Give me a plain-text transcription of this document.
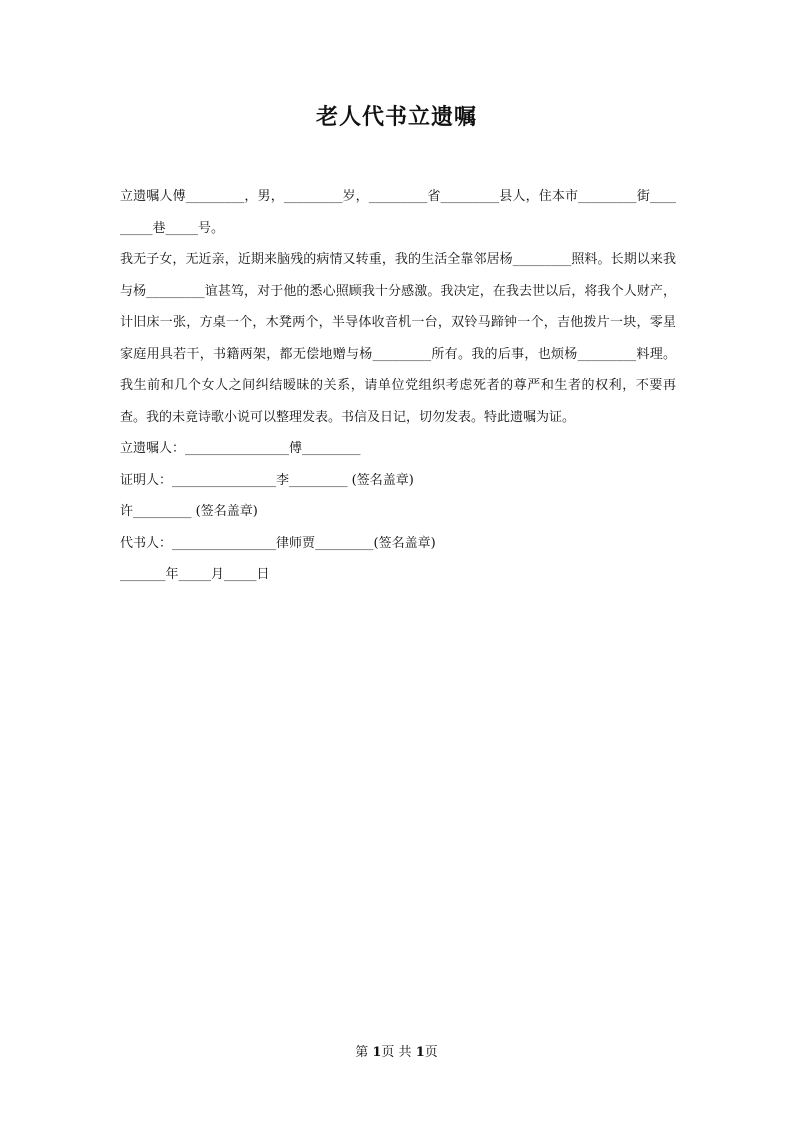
老人代书立遗嘱

立遗嘱人傅_________，男，_________岁，_________省_________县人，住本市_________街_________巷_____号。

我无子女，无近亲，近期来脑残的病情又转重，我的生活全靠邻居杨_________照料。长期以来我与杨_________谊甚笃，对于他的悉心照顾我十分感激。我决定，在我去世以后，将我个人财产，计旧床一张，方桌一个，木凳两个，半导体收音机一台，双铃马蹄钟一个，吉他拨片一块，零星家庭用具若干，书籍两架，都无偿地赠与杨_________所有。我的后事，也烦杨_________料理。我生前和几个女人之间纠结暧昧的关系，请单位党组织考虑死者的尊严和生者的权利，不要再查。我的未竟诗歌小说可以整理发表。书信及日记，切勿发表。特此遗嘱为证。

立遗嘱人：________________傅_________

证明人：________________李_________ (签名盖章)

许_________ (签名盖章)

代书人：________________律师贾_________(签名盖章)

_______年_____月_____日

第 1页 共 1页
